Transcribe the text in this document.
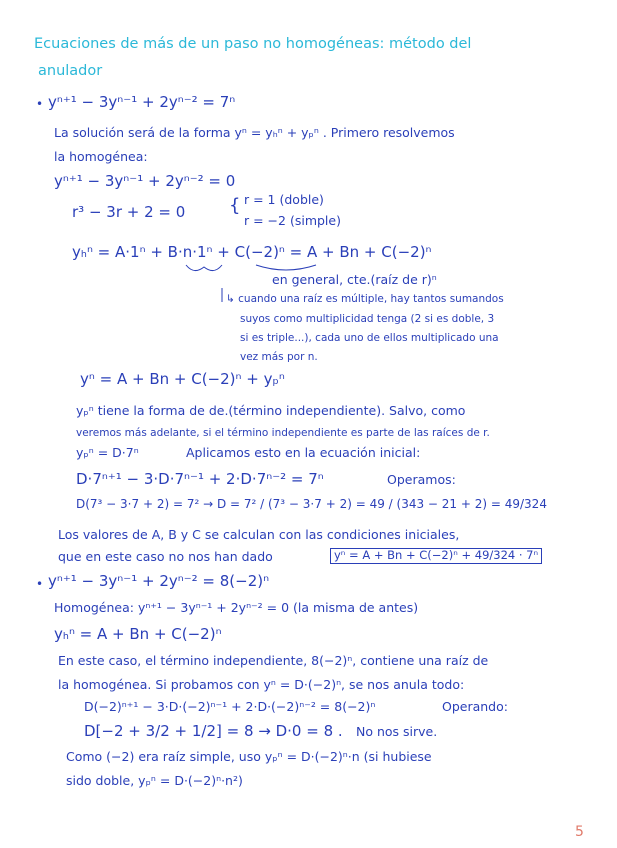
Ecuaciones de más de un paso no homogéneas: método del
anulador
• yⁿ⁺¹ − 3yⁿ⁻¹ + 2yⁿ⁻² = 7ⁿ
La solución será de la forma yⁿ = yₕⁿ + yₚⁿ . Primero resolvemos
la homogénea:
yⁿ⁺¹ − 3yⁿ⁻¹ + 2yⁿ⁻² = 0
r³ − 3r + 2 = 0 { r = 1 (doble)
r = −2 (simple)
yₕⁿ = A·1ⁿ + B·n·1ⁿ + C(−2)ⁿ = A + Bn + C(−2)ⁿ
en general, cte.(raíz de r)ⁿ
↳ cuando una raíz es múltiple, hay tantos sumandos
suyos como multiplicidad tenga (2 si es doble, 3
si es triple...), cada uno de ellos multiplicado una
vez más por n.
yⁿ = A + Bn + C(−2)ⁿ + yₚⁿ
yₚⁿ tiene la forma de de.(término independiente). Salvo, como
veremos más adelante, si el término independiente es parte de las raíces de r.
yₚⁿ = D·7ⁿ	Aplicamos esto en la ecuación inicial:
D·7ⁿ⁺¹ − 3·D·7ⁿ⁻¹ + 2·D·7ⁿ⁻² = 7ⁿ	Operamos:
D(7³ − 3·7 + 2) = 7² → D = 7² / (7³ − 3·7 + 2) = 49 / (343 − 21 + 2) = 49/324
Los valores de A, B y C se calculan con las condiciones iniciales,
que en este caso no nos han dado	yⁿ = A + Bn + C(−2)ⁿ + 49/324 · 7ⁿ
• yⁿ⁺¹ − 3yⁿ⁻¹ + 2yⁿ⁻² = 8(−2)ⁿ
Homogénea: yⁿ⁺¹ − 3yⁿ⁻¹ + 2yⁿ⁻² = 0 (la misma de antes)
yₕⁿ = A + Bn + C(−2)ⁿ
En este caso, el término independiente, 8(−2)ⁿ, contiene una raíz de
la homogénea. Si probamos con yⁿ = D·(−2)ⁿ, se nos anula todo:
D(−2)ⁿ⁺¹ − 3·D·(−2)ⁿ⁻¹ + 2·D·(−2)ⁿ⁻² = 8(−2)ⁿ	Operando:
D[−2 + 3/2 + 1/2] = 8 → D·0 = 8 . No nos sirve.
Como (−2) era raíz simple, uso yₚⁿ = D·(−2)ⁿ·n (si hubiese
sido doble, yₚⁿ = D·(−2)ⁿ·n²)
5
